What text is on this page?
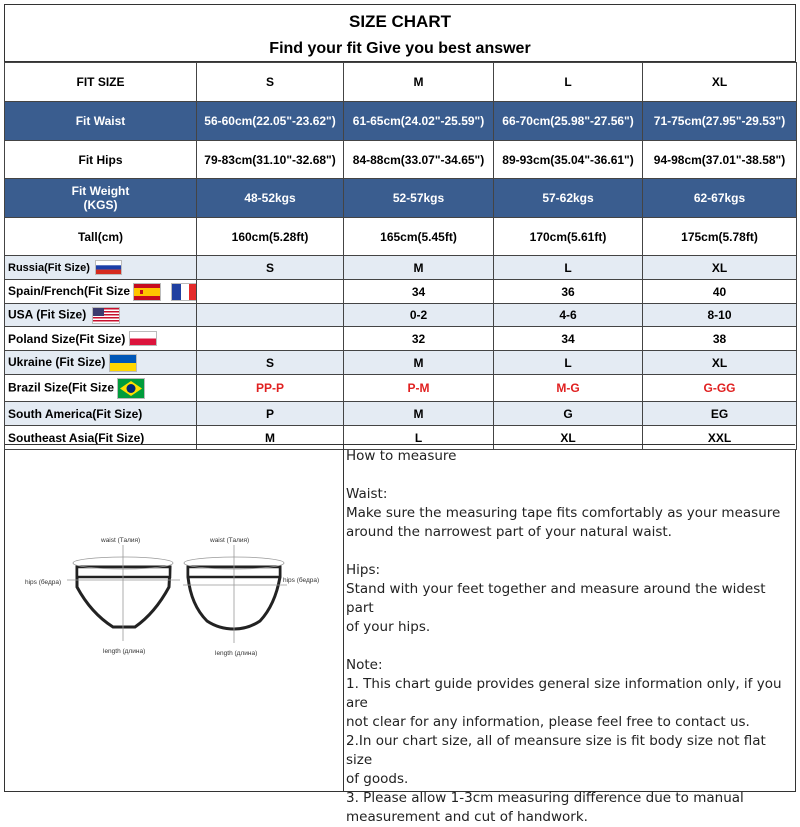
SIZE CHART
Find your fit Give you best answer
FIT SIZE	S	M	L	XL
Fit Waist	56-60cm(22.05"-23.62")	61-65cm(24.02"-25.59")	66-70cm(25.98"-27.56")	71-75cm(27.95"-29.53")
Fit Hips	79-83cm(31.10"-32.68")	84-88cm(33.07"-34.65")	89-93cm(35.04"-36.61")	94-98cm(37.01"-38.58")

Fit Weight
(KGS)	48-52kgs	52-57kgs	57-62kgs	62-67kgs
Tall(cm)	160cm(5.28ft)	165cm(5.45ft)	170cm(5.61ft)	175cm(5.78ft)
Russia(Fit Size)	S	M	L	XL
Spain/French(Fit Size		34	36	40
USA (Fit Size)		0-2	4-6	8-10
Poland Size(Fit Size)		32	34	38
Ukraine (Fit Size)	S	M	L	XL
Brazil Size(Fit Size	PP-P	P-M	M-G	G-GG
South America(Fit Size)	P	M	G	EG
Southeast Asia(Fit Size)	M	L	XL	XXL
waist (Талия)
hips (бедра)
length (длина)
waist (Талия)
hips (бедра)
length (длина)

How to measure

Waist:

Make sure the measuring tape fits comfortably as your measure

around the narrowest part of your natural waist.

Hips:

Stand with your feet together and measure around the widest part

of your hips.

Note:

1. This chart guide provides general size information only, if you are

not clear for any information, please feel free to contact us.

2.In our chart size, all of meansure size is fit body size not flat size

of goods.

3. Please allow 1-3cm measuring difference due to manual

measurement and cut of handwork.
